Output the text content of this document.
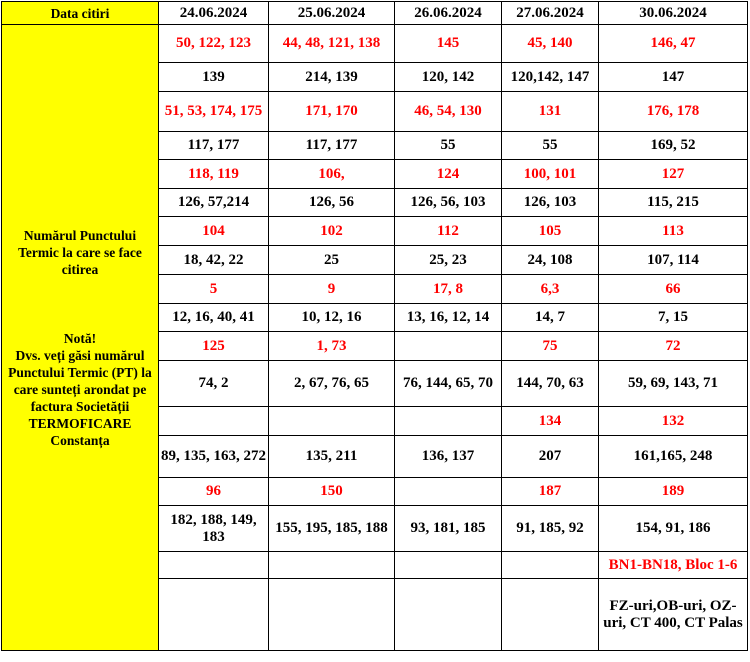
Data citiri	24.06.2024	25.06.2024	26.06.2024	27.06.2024	30.06.2024

Numărul Punctului Termic la care se face citirea
Notă!
Dvs. veți găsi numărul Punctului Termic (PT) la care sunteți arondat pe factura Societății TERMOFICARE Constanța	50, 122, 123	44, 48, 121, 138	145	45, 140	146, 47
	139	214, 139	120, 142	120,142, 147	147
	51, 53, 174, 175	171, 170	46, 54, 130	131	176, 178
	117, 177	117, 177	55	55	169, 52
	118, 119	106,	124	100, 101	127
	126, 57,214	126, 56	126, 56, 103	126, 103	115, 215
	104	102	112	105	113
	18, 42, 22	25	25, 23	24, 108	107, 114
	5	9	17, 8	6,3	66
	12, 16, 40, 41	10, 12, 16	13, 16, 12, 14	14, 7	7, 15
	125	1, 73		75	72
	74, 2	2, 67, 76, 65	76, 144, 65, 70	144, 70, 63	59, 69, 143, 71
				134	132
	89, 135, 163, 272	135, 211	136, 137	207	161,165, 248
	96	150		187	189
	182, 188, 149, 183	155, 195, 185, 188	93, 181, 185	91, 185, 92	154, 91, 186
					BN1-BN18, Bloc 1-6
					FZ-uri,OB-uri, OZ-uri, CT 400, CT Palas
